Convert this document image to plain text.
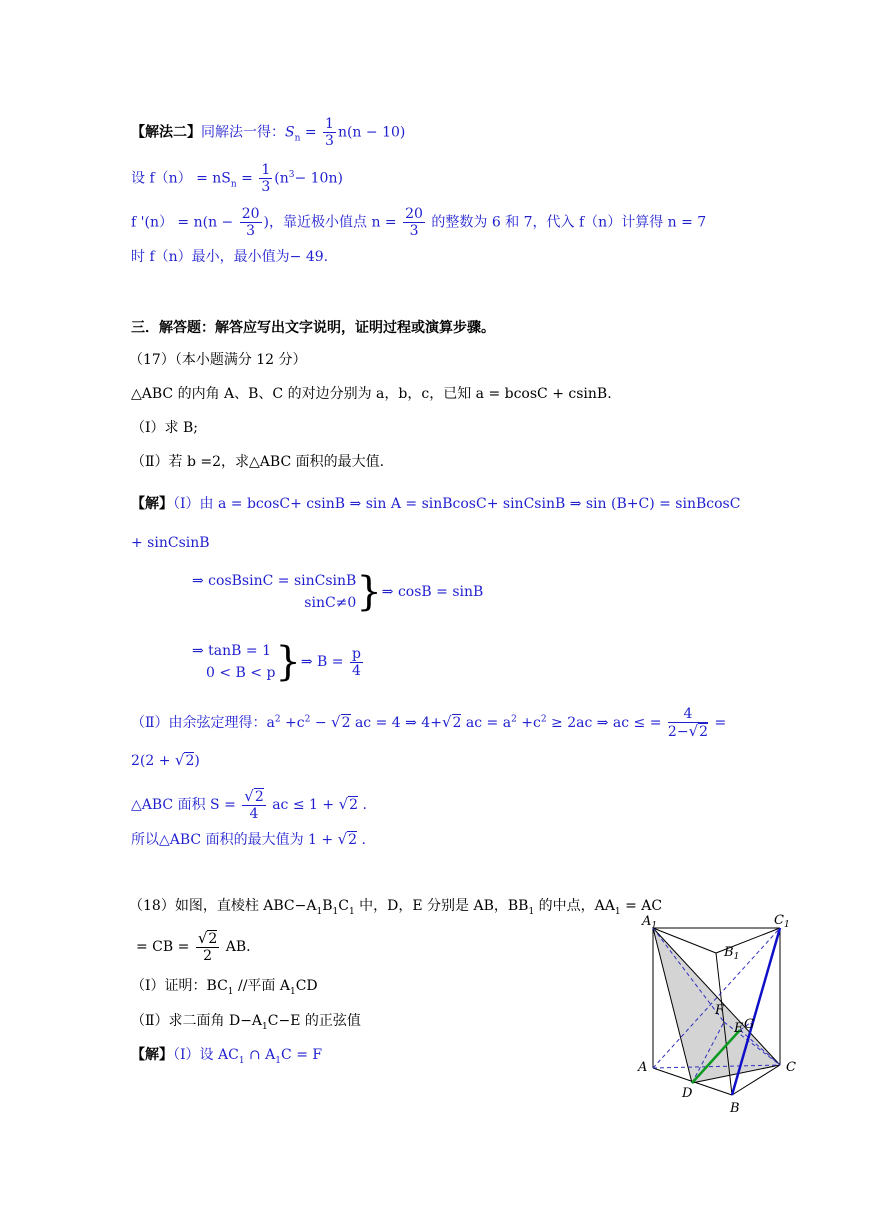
【解法二】同解法一得：$S_n = \frac{1}{3} n(n - 10)$
设 $f(n) = nS_n = \frac{1}{3} (n^3- 10n)$
f '$(n) = n(n - \frac{20}{3}$ )，靠近极小值点 $n = \frac{20}{3}$ 的整数为 6 和 7，代入 f（n）计算得 n = 7
时 f（n）最小，最小值为− 49.
三．解答题：解答应写出文字说明，证明过程或演算步骤。
（17）（本小题满分 12 分）
△ABC 的内角 A、B、C 的对边分别为 a，b，c，已知 a = bcosC + csinB.
（Ⅰ）求 B;
（Ⅱ）若 b =2，求△ABC 面积的最大值.
【解】（Ⅰ）由 a = bcosC+ csinB ⇒ sin A = sinBcosC+ sinCsinB ⇒ sin (B+C) = sinBcosC
+ sinCsinB
⇒ cosBsinC = sinCsinB
sinC≠0 }⇒ cosB = sinB
⇒ tanB = 1
0 < B < p }⇒ $B = \frac{p}{4}$
（Ⅱ）由余弦定理得：$a^2 +c^2 - √2$ ac = 4 ⇒ 4+√2 ac = $a^2 +c^2 \ge 2ac$ ⇒ ac ≤ = $\frac{4}{2-√2}$ =
2(2 + √2)
△ABC 面积 $S = \frac{√2}{4}$ ac ≤ 1 + √2 .
所以△ABC 面积的最大值为 1 + √2 .
（18）如图，直棱柱 $ABC-A_1B_1C_1$ 中，D，E 分别是 AB，$BB_1$ 的中点，$AA_1$ = AC
= CB = $\frac{√2}{2}$ AB.
（Ⅰ）证明：$BC_1$ //平面 $A_1CD$
（Ⅱ）求二面角 $D-A_1C-E$ 的正弦值
【解】（Ⅰ）设 $AC_1$ ∩ $A_1C = F$
$A_1$	$C_1$
$B_1$
A	C
B
D
F
E G
